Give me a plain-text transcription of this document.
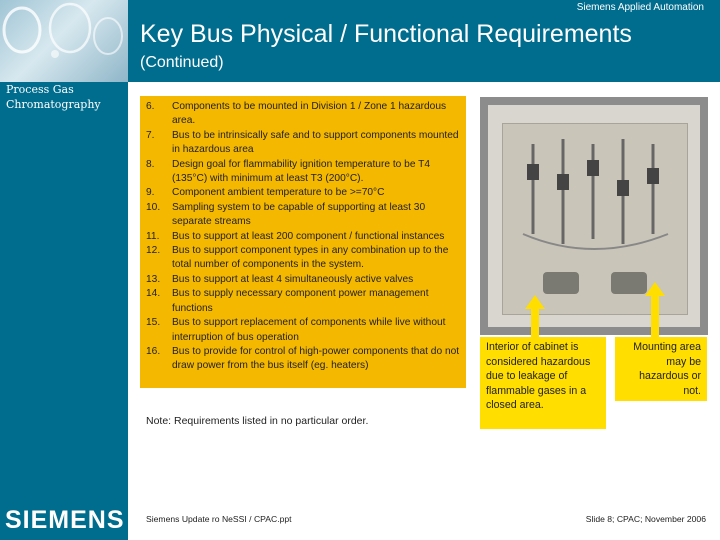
Siemens Applied Automation
Key Bus Physical / Functional Requirements
(Continued)
Process Gas
Chromatography
SIEMENS
6. Components to be mounted in Division 1 / Zone 1 hazardous area.
7. Bus to be intrinsically safe and to support components mounted in hazardous area
8. Design goal for flammability ignition temperature to be T4 (135°C) with minimum at least T3 (200°C).
9. Component ambient temperature to be >=70°C
10. Sampling system to be capable of supporting at least 30 separate streams
11. Bus to support at least 200 component / functional instances
12. Bus to support component types in any combination up to the total number of components in the system.
13. Bus to support at least 4 simultaneously active valves
14. Bus to supply necessary component power management functions
15. Bus to support replacement of components while live without interruption of bus operation
16. Bus to provide for control of high-power components that do not draw power from the bus itself (eg. heaters)
Note: Requirements listed in no particular order.
Interior of cabinet is considered hazardous due to leakage of flammable gases in a closed area.
Mounting area may be hazardous or not.
Siemens Update ro NeSSI / CPAC.ppt	Slide 8; CPAC; November 2006
